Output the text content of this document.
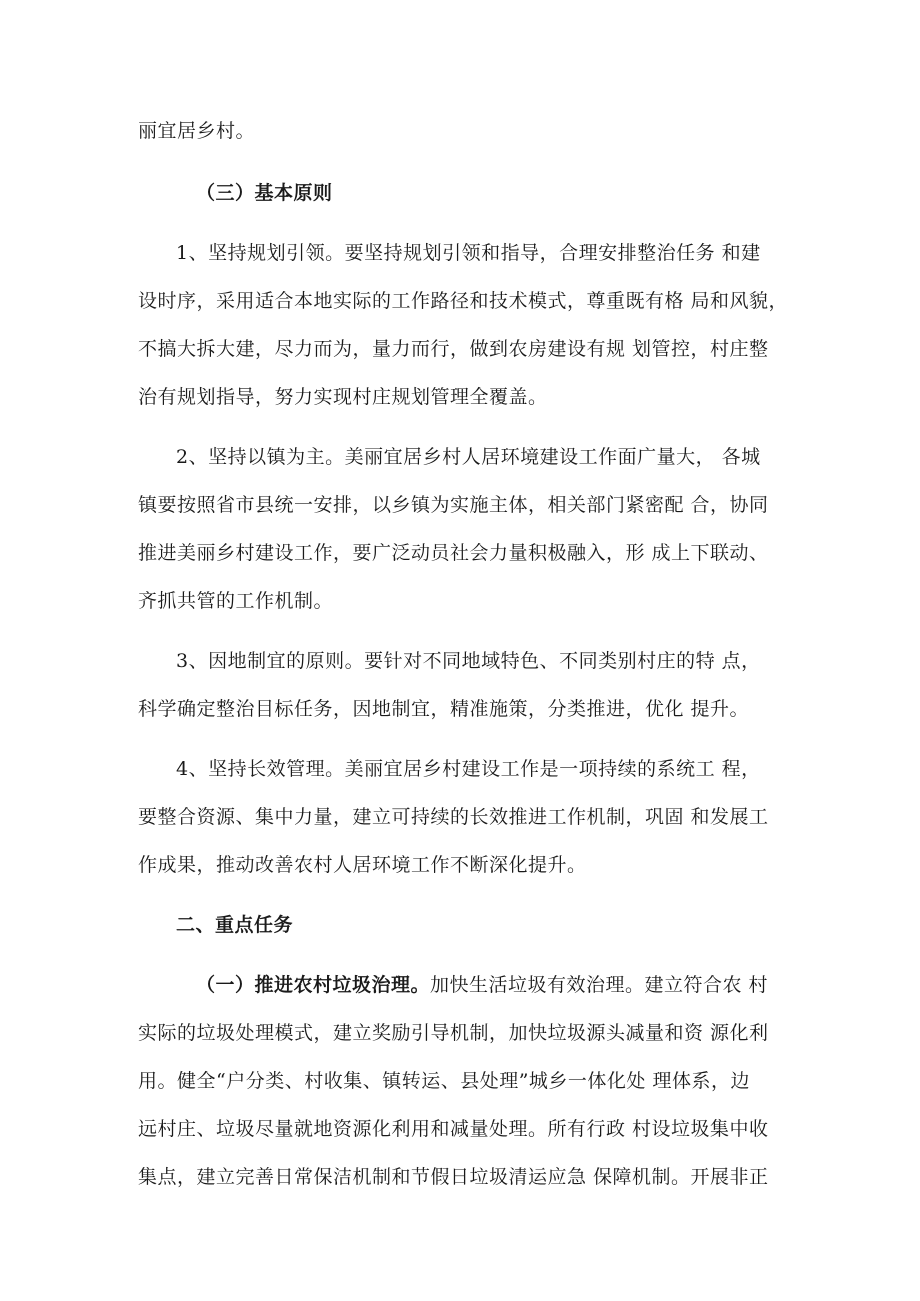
丽宜居乡村。
（三）基本原则
1、坚持规划引领。要坚持规划引领和指导，合理安排整治任务 和建
设时序，采用适合本地实际的工作路径和技术模式，尊重既有格 局和风貌，
不搞大拆大建，尽力而为，量力而行，做到农房建设有规 划管控，村庄整
治有规划指导，努力实现村庄规划管理全覆盖。
2、坚持以镇为主。美丽宜居乡村人居环境建设工作面广量大， 各城
镇要按照省市县统一安排，以乡镇为实施主体，相关部门紧密配 合，协同
推进美丽乡村建设工作，要广泛动员社会力量积极融入，形 成上下联动、
齐抓共管的工作机制。
3、因地制宜的原则。要针对不同地域特色、不同类别村庄的特 点，
科学确定整治目标任务，因地制宜，精准施策，分类推进，优化 提升。
4、坚持长效管理。美丽宜居乡村建设工作是一项持续的系统工 程，
要整合资源、集中力量，建立可持续的长效推进工作机制，巩固 和发展工
作成果，推动改善农村人居环境工作不断深化提升。
二、重点任务
（一）推进农村垃圾治理。加快生活垃圾有效治理。建立符合农 村
实际的垃圾处理模式，建立奖励引导机制，加快垃圾源头减量和资 源化利
用。健全“户分类、村收集、镇转运、县处理”城乡一体化处 理体系，边
远村庄、垃圾尽量就地资源化利用和减量处理。所有行政 村设垃圾集中收
集点，建立完善日常保洁机制和节假日垃圾清运应急 保障机制。开展非正
